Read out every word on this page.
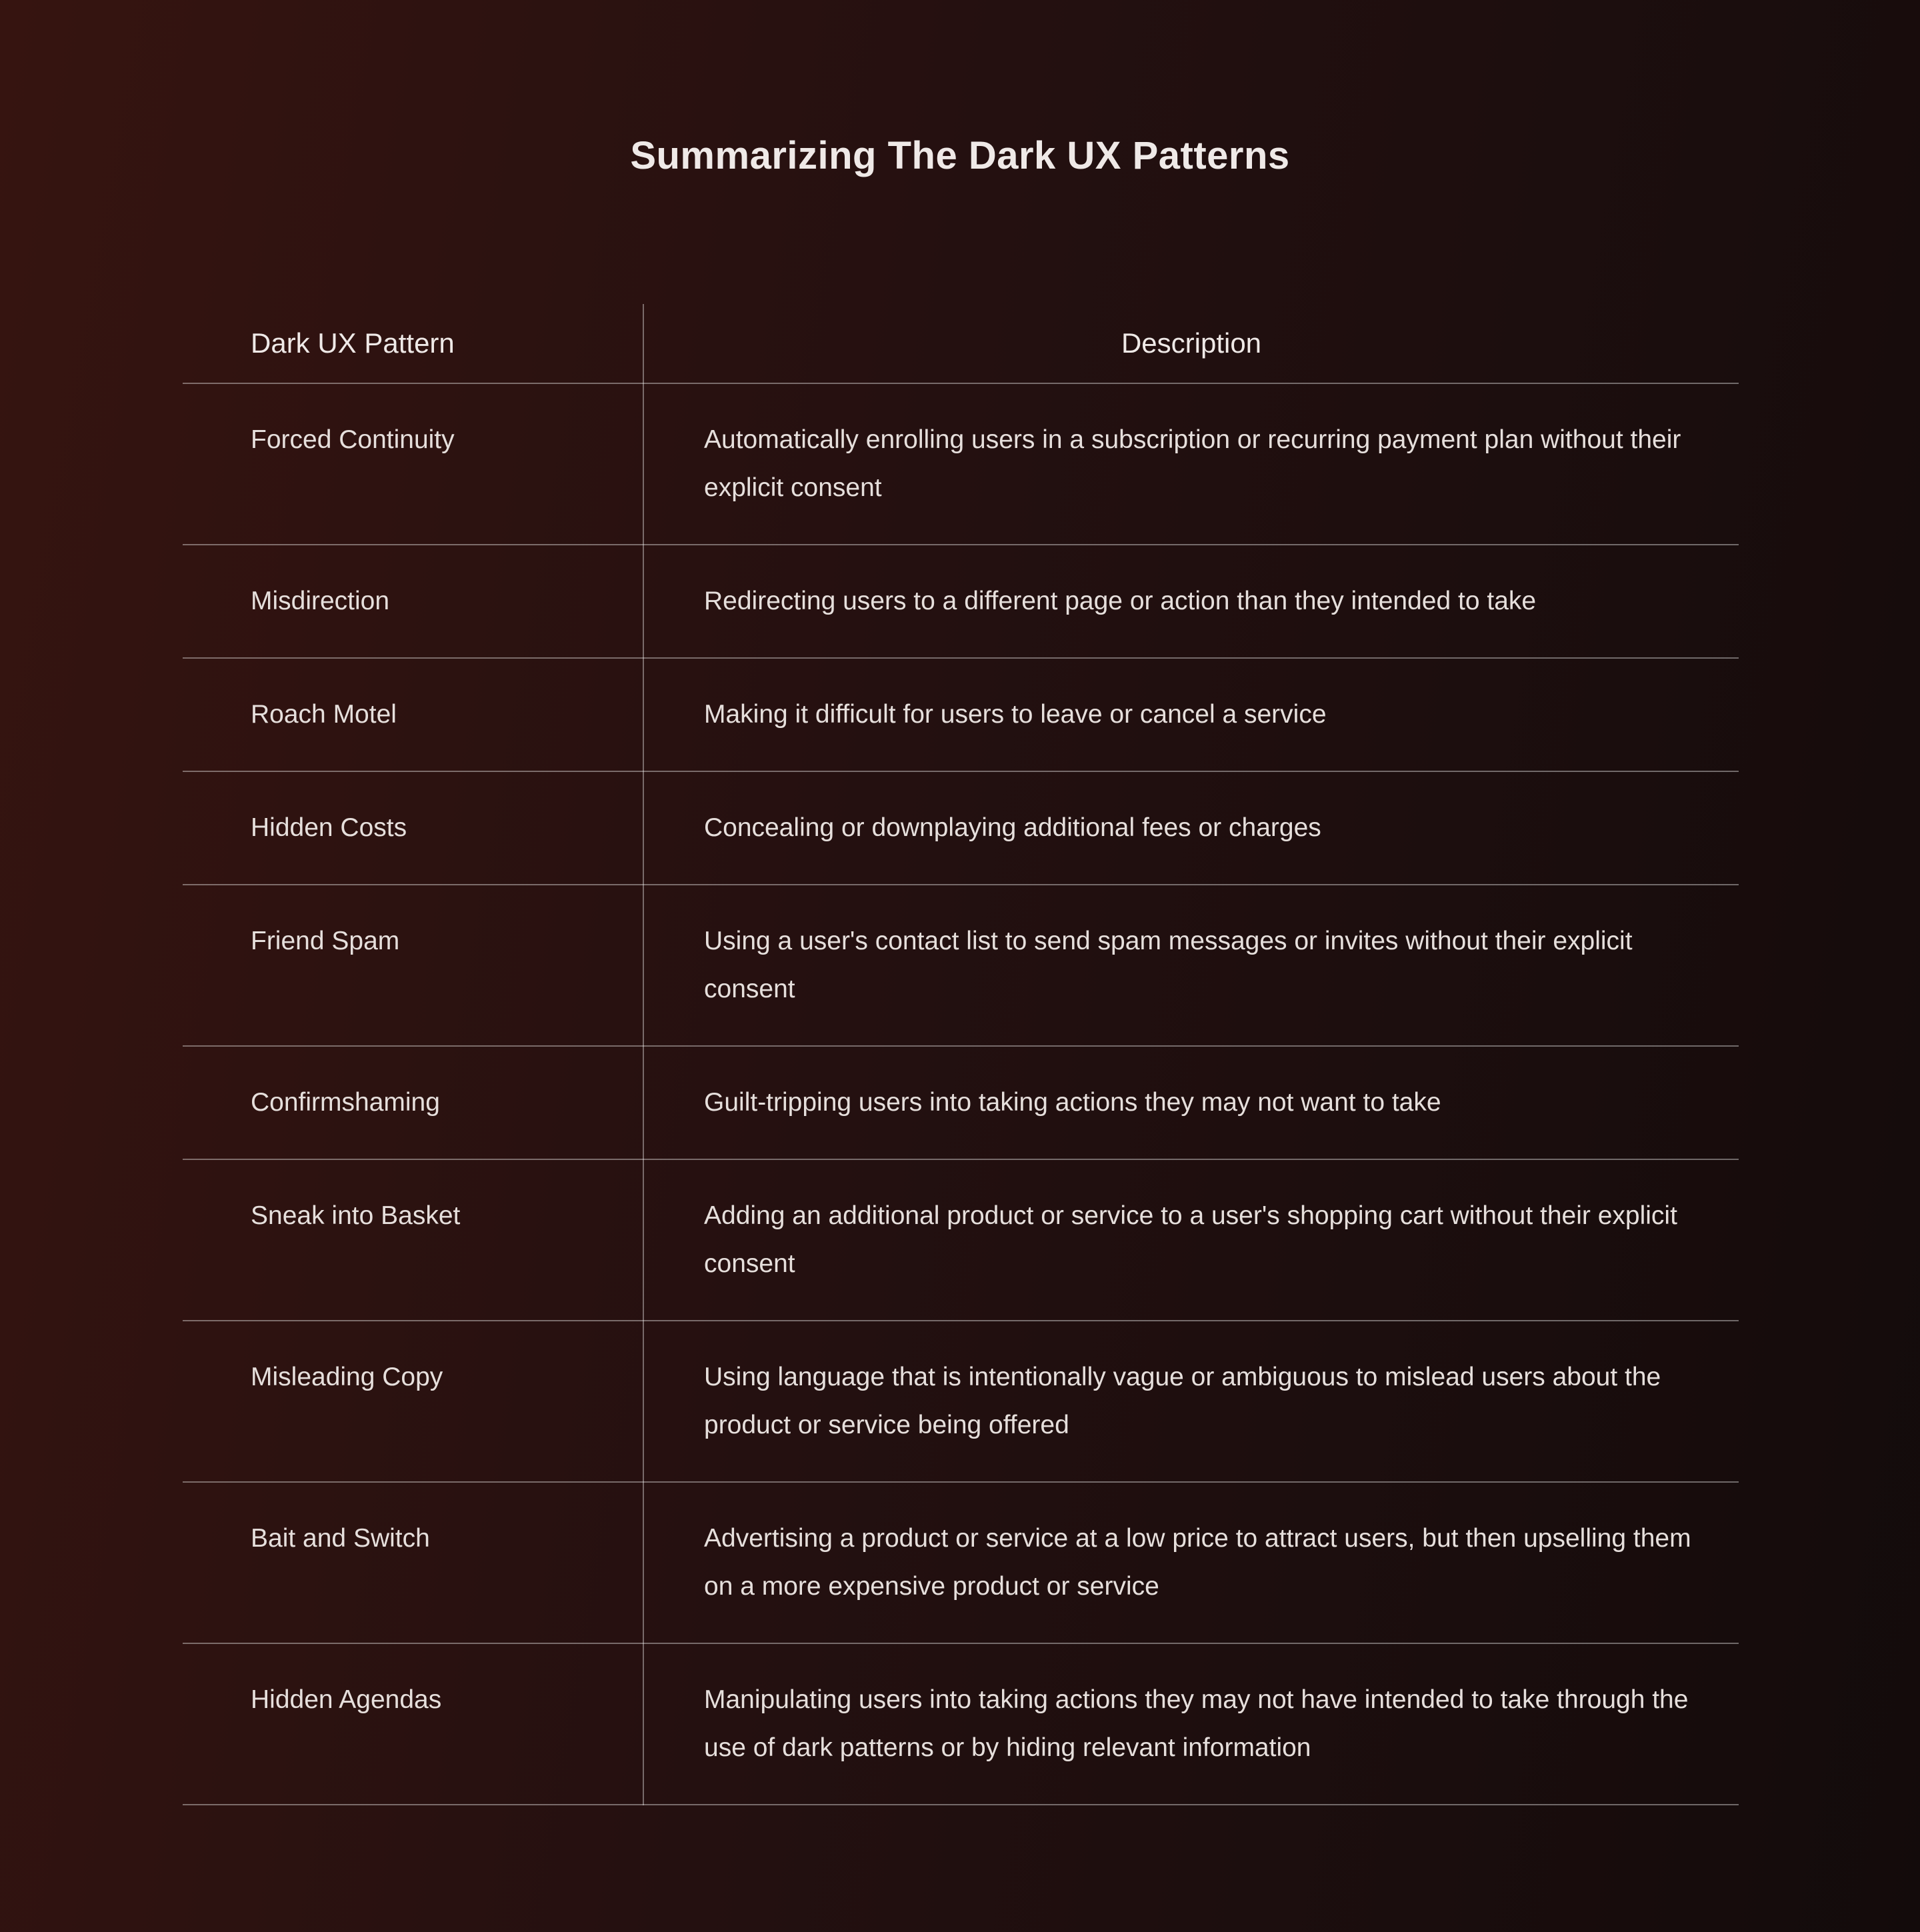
Summarizing The Dark UX Patterns
Dark UX Pattern	Description
Forced Continuity	Automatically enrolling users in a subscription or recurring payment plan without their explicit consent
Misdirection	Redirecting users to a different page or action than they intended to take
Roach Motel	Making it difficult for users to leave or cancel a service
Hidden Costs	Concealing or downplaying additional fees or charges
Friend Spam	Using a user's contact list to send spam messages or invites without their explicit consent
Confirmshaming	Guilt-tripping users into taking actions they may not want to take
Sneak into Basket	Adding an additional product or service to a user's shopping cart without their explicit consent
Misleading Copy	Using language that is intentionally vague or ambiguous to mislead users about the product or service being offered
Bait and Switch	Advertising a product or service at a low price to attract users, but then upselling them on a more expensive product or service
Hidden Agendas	Manipulating users into taking actions they may not have intended to take through the use of dark patterns or by hiding relevant information
